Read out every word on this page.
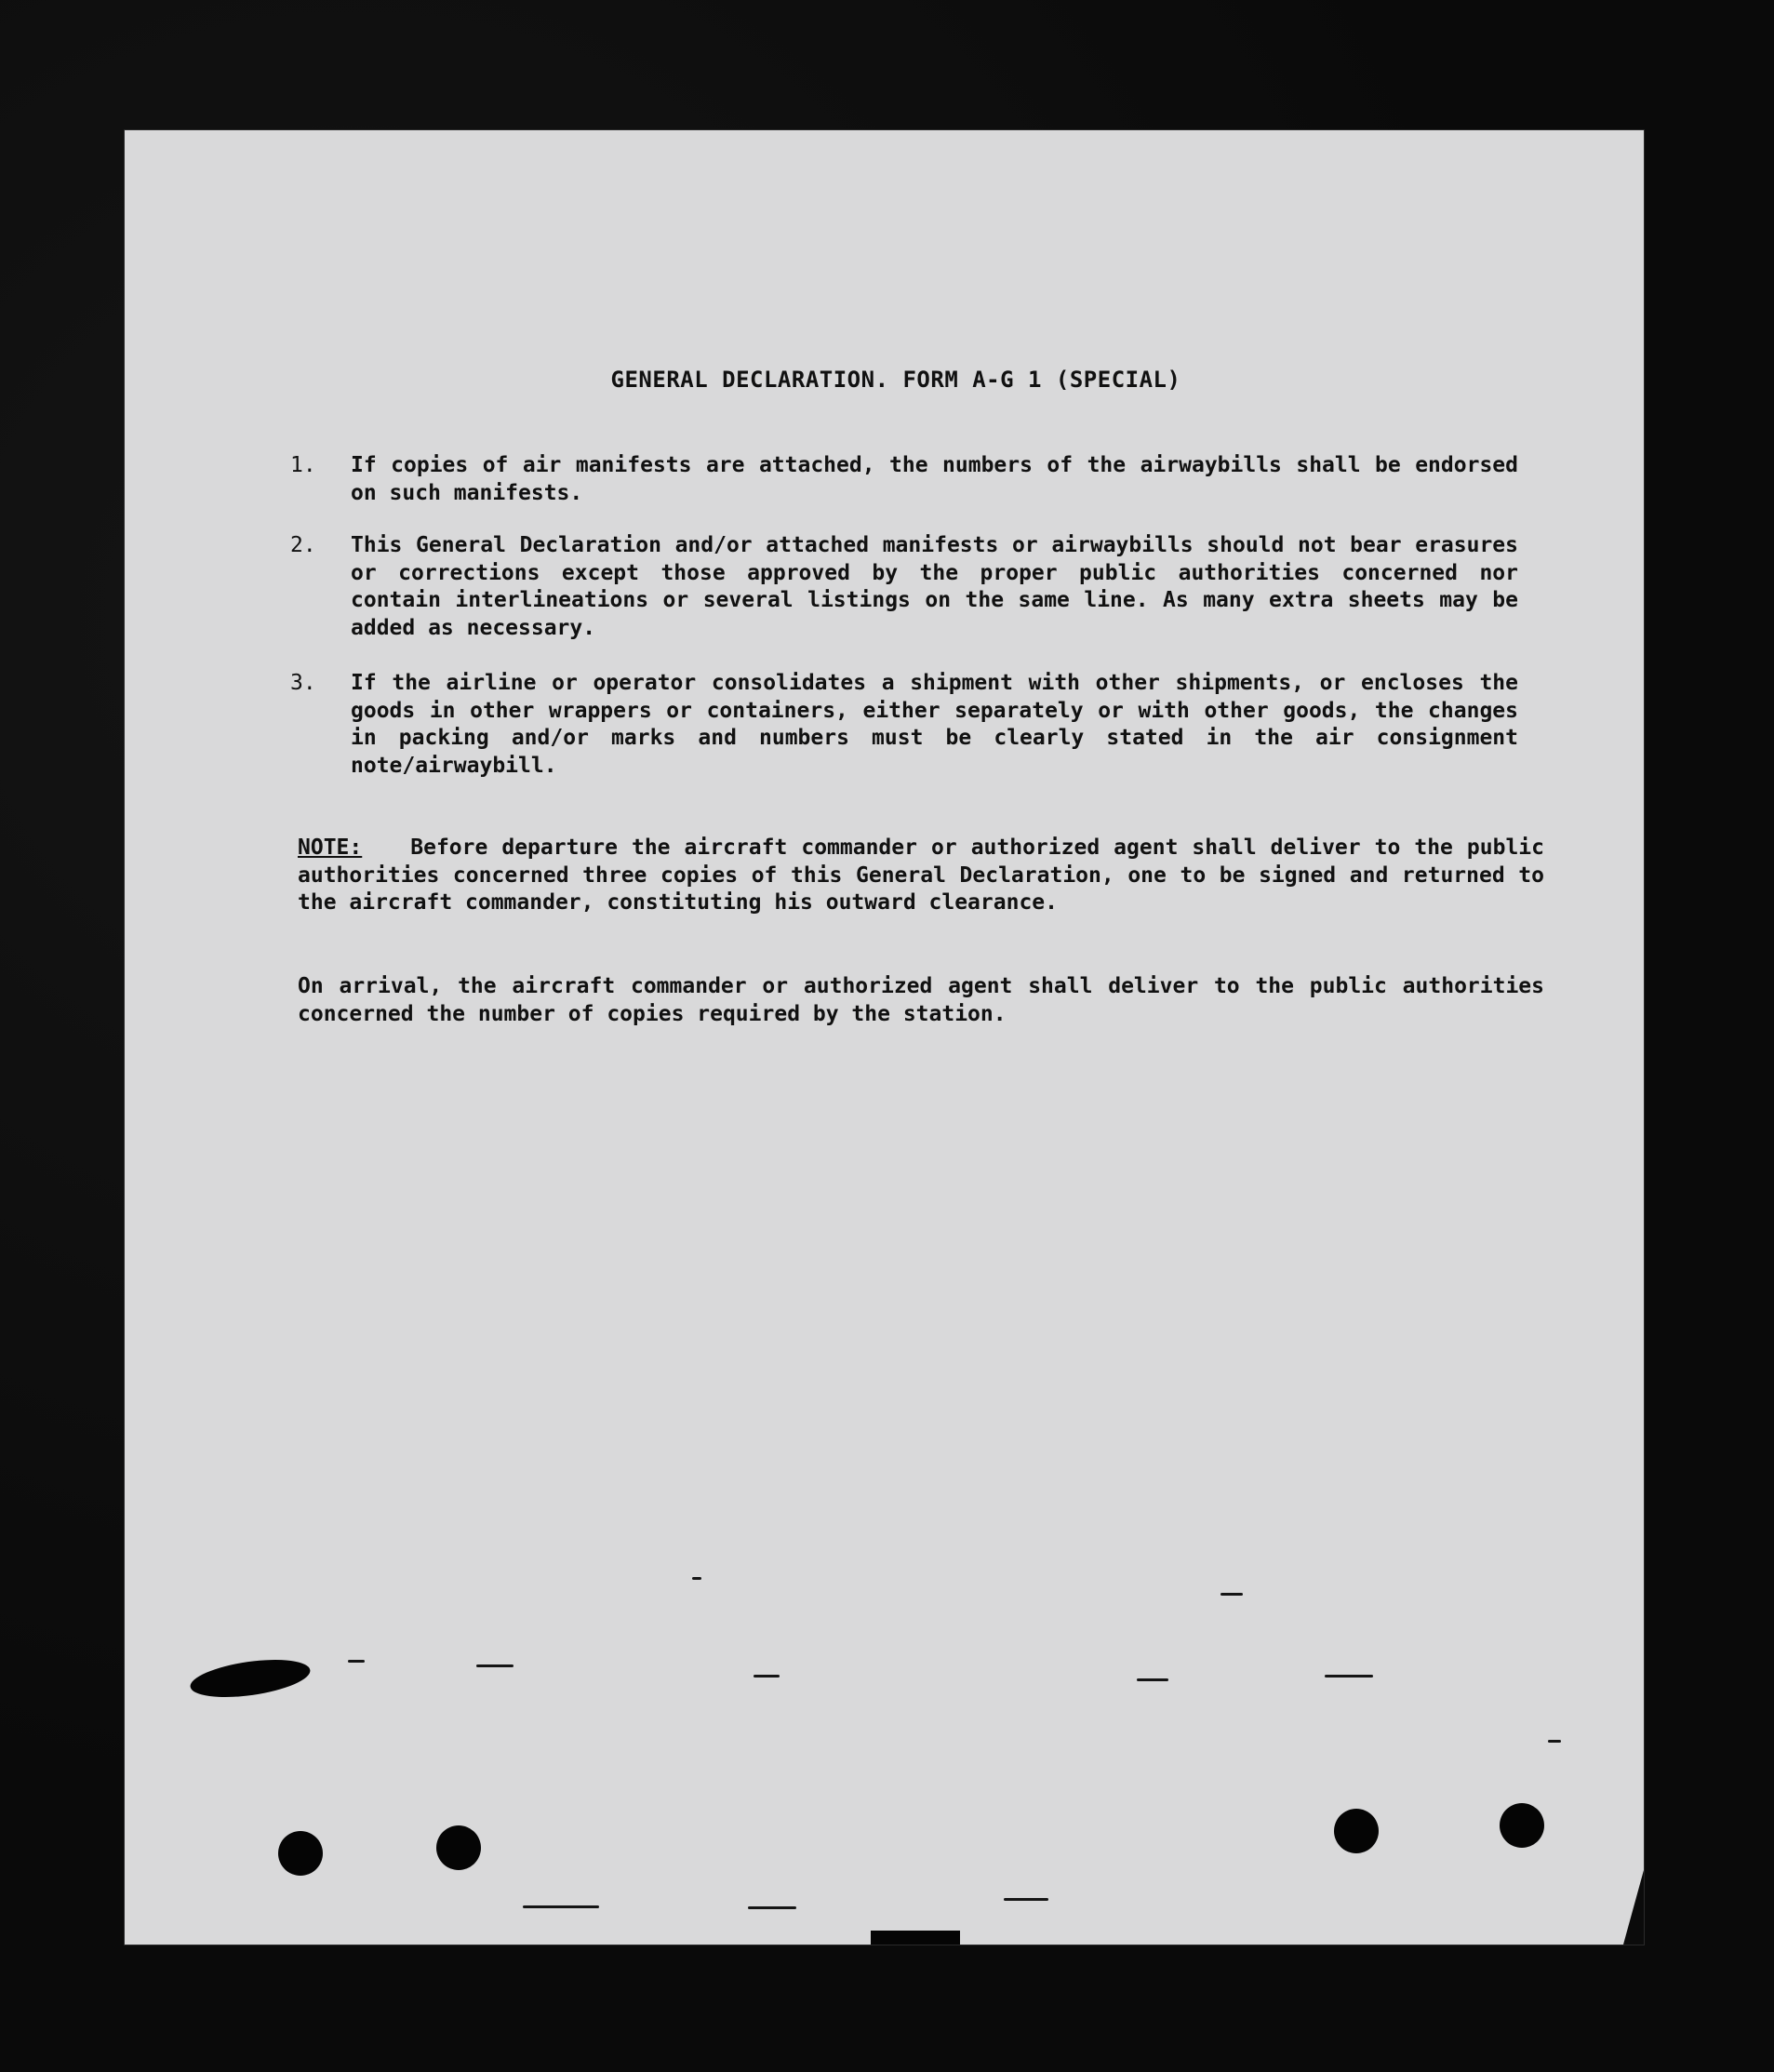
GENERAL DECLARATION. FORM A-G 1 (SPECIAL)
1.	If copies of air manifests are attached, the numbers of the airwaybills shall be endorsed on such manifests.
2.	This General Declaration and/or attached manifests or airwaybills should not bear erasures or corrections except those approved by the proper public authorities concerned nor contain interlineations or several listings on the same line. As many extra sheets may be added as necessary.
3.	If the airline or operator consolidates a shipment with other shipments, or encloses the goods in other wrappers or containers, either separately or with other goods, the changes in packing and/or marks and numbers must be clearly stated in the air consignment note/airwaybill.
NOTE: Before departure the aircraft commander or authorized agent shall deliver to the public authorities concerned three copies of this General Declaration, one to be signed and returned to the aircraft commander, constituting his outward clearance.
On arrival, the aircraft commander or authorized agent shall deliver to the public authorities concerned the number of copies required by the station.
